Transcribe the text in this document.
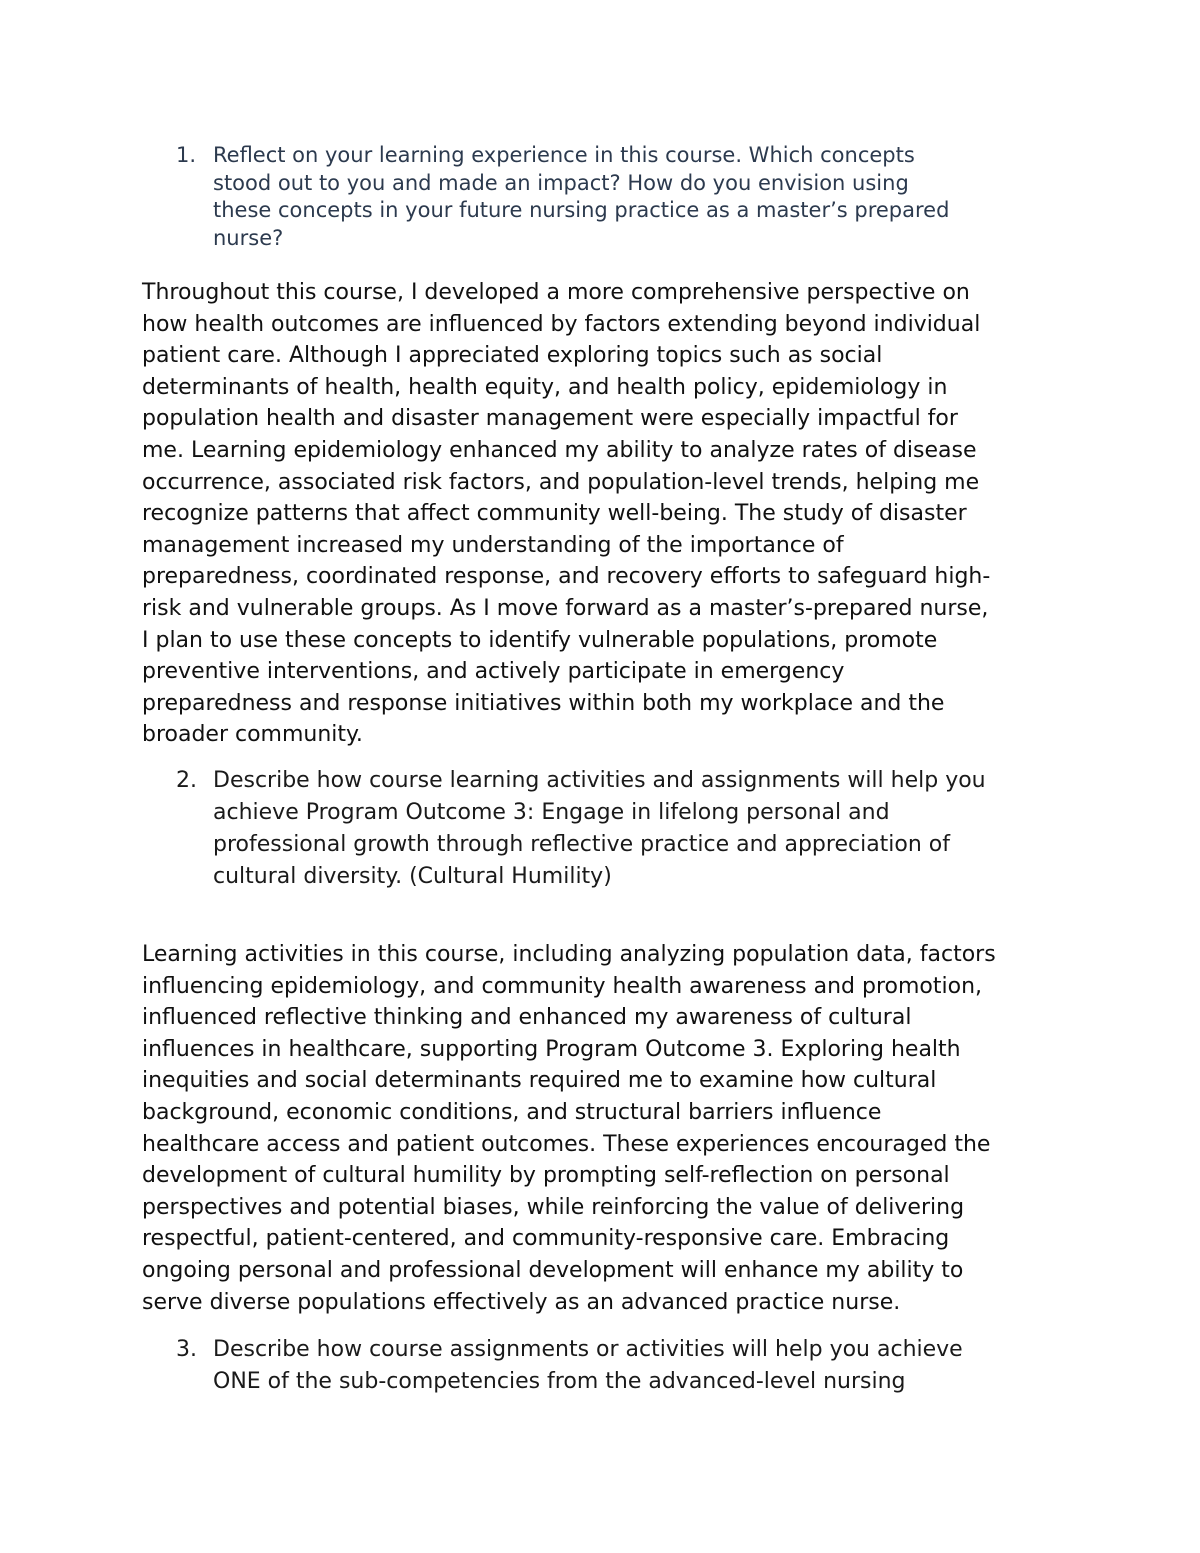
1. Reflect on your learning experience in this course. Which concepts
stood out to you and made an impact? How do you envision using
these concepts in your future nursing practice as a master’s prepared
nurse?

Throughout this course, I developed a more comprehensive perspective on
how health outcomes are influenced by factors extending beyond individual
patient care. Although I appreciated exploring topics such as social
determinants of health, health equity, and health policy, epidemiology in
population health and disaster management were especially impactful for
me. Learning epidemiology enhanced my ability to analyze rates of disease
occurrence, associated risk factors, and population-level trends, helping me
recognize patterns that affect community well-being. The study of disaster
management increased my understanding of the importance of
preparedness, coordinated response, and recovery efforts to safeguard high-
risk and vulnerable groups. As I move forward as a master’s-prepared nurse,
I plan to use these concepts to identify vulnerable populations, promote
preventive interventions, and actively participate in emergency
preparedness and response initiatives within both my workplace and the
broader community.

2. Describe how course learning activities and assignments will help you
achieve Program Outcome 3: Engage in lifelong personal and
professional growth through reflective practice and appreciation of
cultural diversity. (Cultural Humility)

Learning activities in this course, including analyzing population data, factors
influencing epidemiology, and community health awareness and promotion,
influenced reflective thinking and enhanced my awareness of cultural
influences in healthcare, supporting Program Outcome 3. Exploring health
inequities and social determinants required me to examine how cultural
background, economic conditions, and structural barriers influence
healthcare access and patient outcomes. These experiences encouraged the
development of cultural humility by prompting self-reflection on personal
perspectives and potential biases, while reinforcing the value of delivering
respectful, patient-centered, and community-responsive care. Embracing
ongoing personal and professional development will enhance my ability to
serve diverse populations effectively as an advanced practice nurse.

3. Describe how course assignments or activities will help you achieve
ONE of the sub-competencies from the advanced-level nursing
